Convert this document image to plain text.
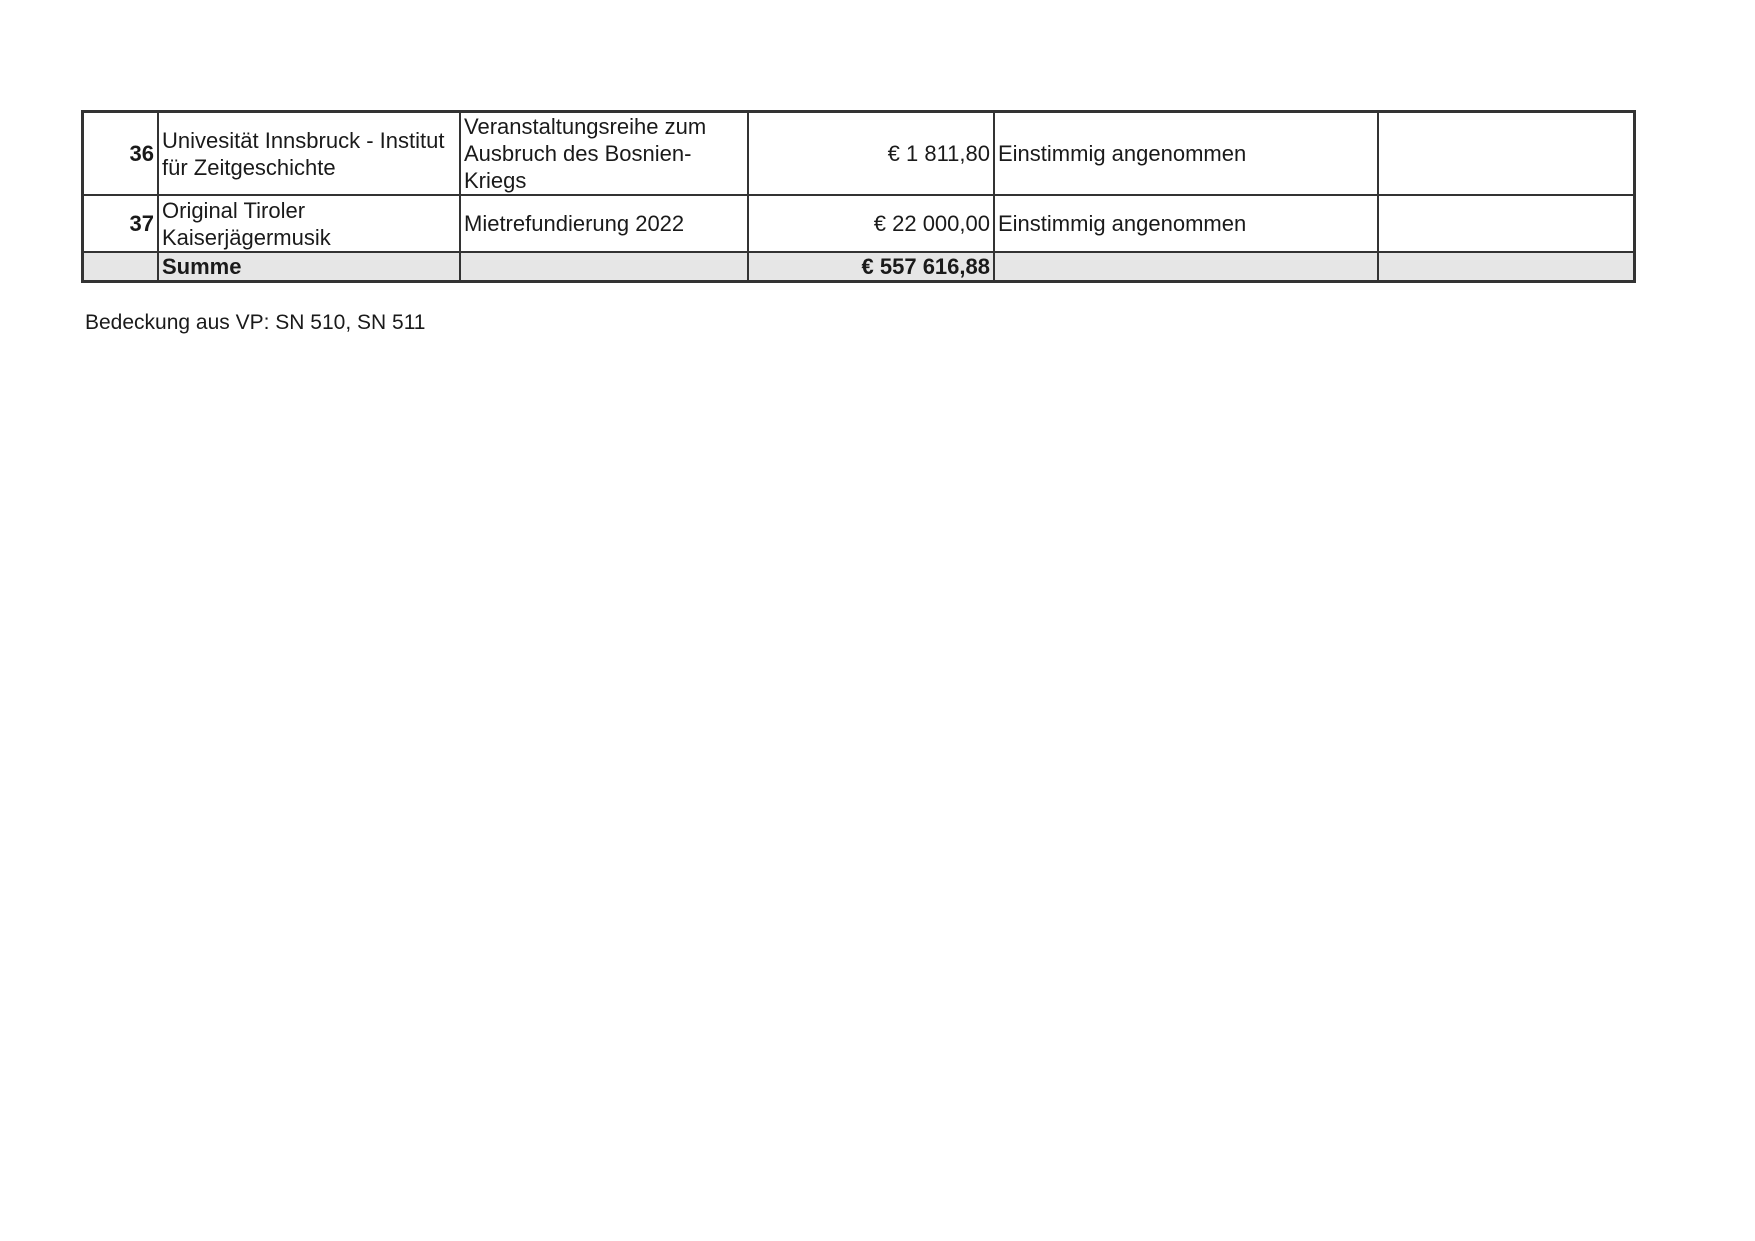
36	Univesität Innsbruck - Institut für Zeitgeschichte	Veranstaltungsreihe zum Ausbruch des Bosnien-Kriegs	€ 1 811,80	Einstimmig angenommen	
37	Original Tiroler Kaiserjägermusik	Mietrefundierung 2022	€ 22 000,00	Einstimmig angenommen	
	Summe		€ 557 616,88		
Bedeckung aus VP: SN 510, SN 511
